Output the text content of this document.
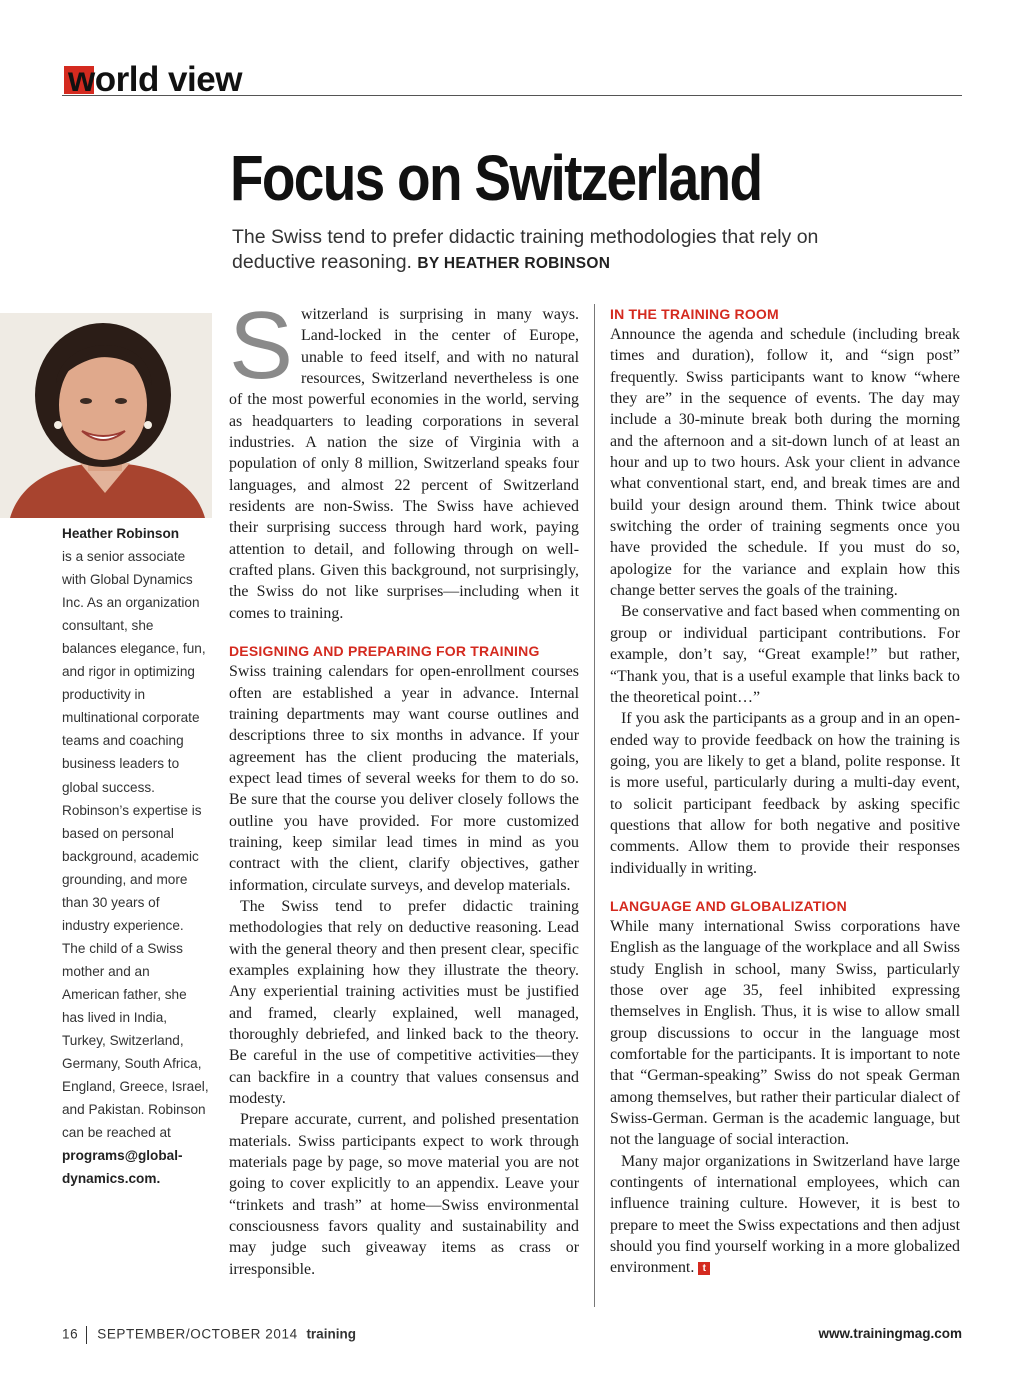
world view
Focus on Switzerland
The Swiss tend to prefer didactic training methodologies that rely on deductive reasoning. BY HEATHER ROBINSON
Heather Robinson
is a senior associate with Global Dynamics Inc. As an organization consultant, she balances elegance, fun, and rigor in optimizing productivity in multinational corporate teams and coaching business leaders to global success. Robinson’s expertise is based on personal background, academic grounding, and more than 30 years of industry experience. The child of a Swiss mother and an American father, she has lived in India, Turkey, Switzerland, Germany, South Africa, England, Greece, Israel, and Pakistan. Robinson can be reached at programs@global-dynamics.com.

Switzerland is surprising in many ways. Land-locked in the center of Europe, unable to feed itself, and with no natural resources, Switzerland nevertheless is one of the most powerful economies in the world, serving as headquarters to leading corporations in several industries. A nation the size of Virginia with a population of only 8 million, Switzerland speaks four languages, and almost 22 percent of Switzerland residents are non-Swiss. The Swiss have achieved their surprising success through hard work, paying attention to detail, and following through on well-crafted plans. Given this background, not surprisingly, the Swiss do not like surprises—including when it comes to training.

DESIGNING AND PREPARING FOR TRAINING

Swiss training calendars for open-enrollment courses often are established a year in advance. Internal training departments may want course outlines and descriptions three to six months in advance. If your agreement has the client producing the materials, expect lead times of several weeks for them to do so. Be sure that the course you deliver closely follows the outline you have provided. For more customized training, keep similar lead times in mind as you contract with the client, clarify objectives, gather information, circulate surveys, and develop materials.

The Swiss tend to prefer didactic training methodologies that rely on deductive reasoning. Lead with the general theory and then present clear, specific examples explaining how they illustrate the theory. Any experiential training activities must be justified and framed, clearly explained, well managed, thoroughly debriefed, and linked back to the theory. Be careful in the use of competitive activities—they can backfire in a country that values consensus and modesty.

Prepare accurate, current, and polished presentation materials. Swiss participants expect to work through materials page by page, so move material you are not going to cover explicitly to an appendix. Leave your “trinkets and trash” at home—Swiss environmental consciousness favors quality and sustainability and may judge such giveaway items as crass or irresponsible.

IN THE TRAINING ROOM

Announce the agenda and schedule (including break times and duration), follow it, and “sign post” frequently. Swiss participants want to know “where they are” in the sequence of events. The day may include a 30-minute break both during the morning and the afternoon and a sit-down lunch of at least an hour and up to two hours. Ask your client in advance what conventional start, end, and break times are and build your design around them. Think twice about switching the order of training segments once you have provided the schedule. If you must do so, apologize for the variance and explain how this change better serves the goals of the training.

Be conservative and fact based when commenting on group or individual participant contributions. For example, don’t say, “Great example!” but rather, “Thank you, that is a useful example that links back to the theoretical point…”

If you ask the participants as a group and in an open-ended way to provide feedback on how the training is going, you are likely to get a bland, polite response. It is more useful, particularly during a multi-day event, to solicit participant feedback by asking specific questions that allow for both negative and positive comments. Allow them to provide their responses individually in writing.

LANGUAGE AND GLOBALIZATION

While many international Swiss corporations have English as the language of the workplace and all Swiss study English in school, many Swiss, particularly those over age 35, feel inhibited expressing themselves in English. Thus, it is wise to allow small group discussions to occur in the language most comfortable for the participants. It is important to note that “German-speaking” Swiss do not speak German among themselves, but rather their particular dialect of Swiss-German. German is the academic language, but not the language of social interaction.

Many major organizations in Switzerland have large contingents of international employees, which can influence training culture. However, it is best to prepare to meet the Swiss expectations and then adjust should you find yourself working in a more globalized environment. t

16 SEPTEMBER/OCTOBER 2014 training	www.trainingmag.com
